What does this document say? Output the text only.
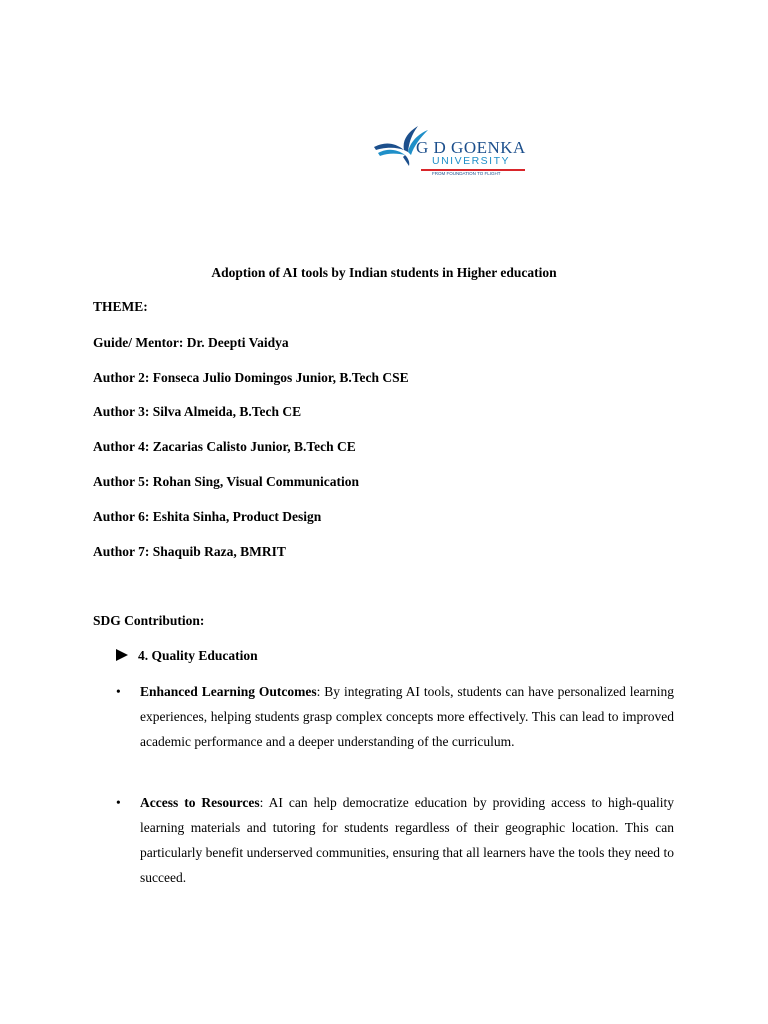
G D GOENKA
UNIVERSITY
FROM FOUNDATION TO FLIGHT
Adoption of AI tools by Indian students in Higher education
THEME:
Guide/ Mentor: Dr. Deepti Vaidya
Author 2: Fonseca Julio Domingos Junior, B.Tech CSE
Author 3: Silva Almeida, B.Tech CE
Author 4: Zacarias Calisto Junior, B.Tech CE
Author 5: Rohan Sing, Visual Communication
Author 6: Eshita Sinha, Product Design
Author 7: Shaquib Raza, BMRIT
SDG Contribution:
4. Quality Education
• Enhanced Learning Outcomes: By integrating AI tools, students can have personalized learning experiences, helping students grasp complex concepts more effectively. This can lead to improved academic performance and a deeper understanding of the curriculum.
• Access to Resources: AI can help democratize education by providing access to high-quality learning materials and tutoring for students regardless of their geographic location. This can particularly benefit underserved communities, ensuring that all learners have the tools they need to succeed.
